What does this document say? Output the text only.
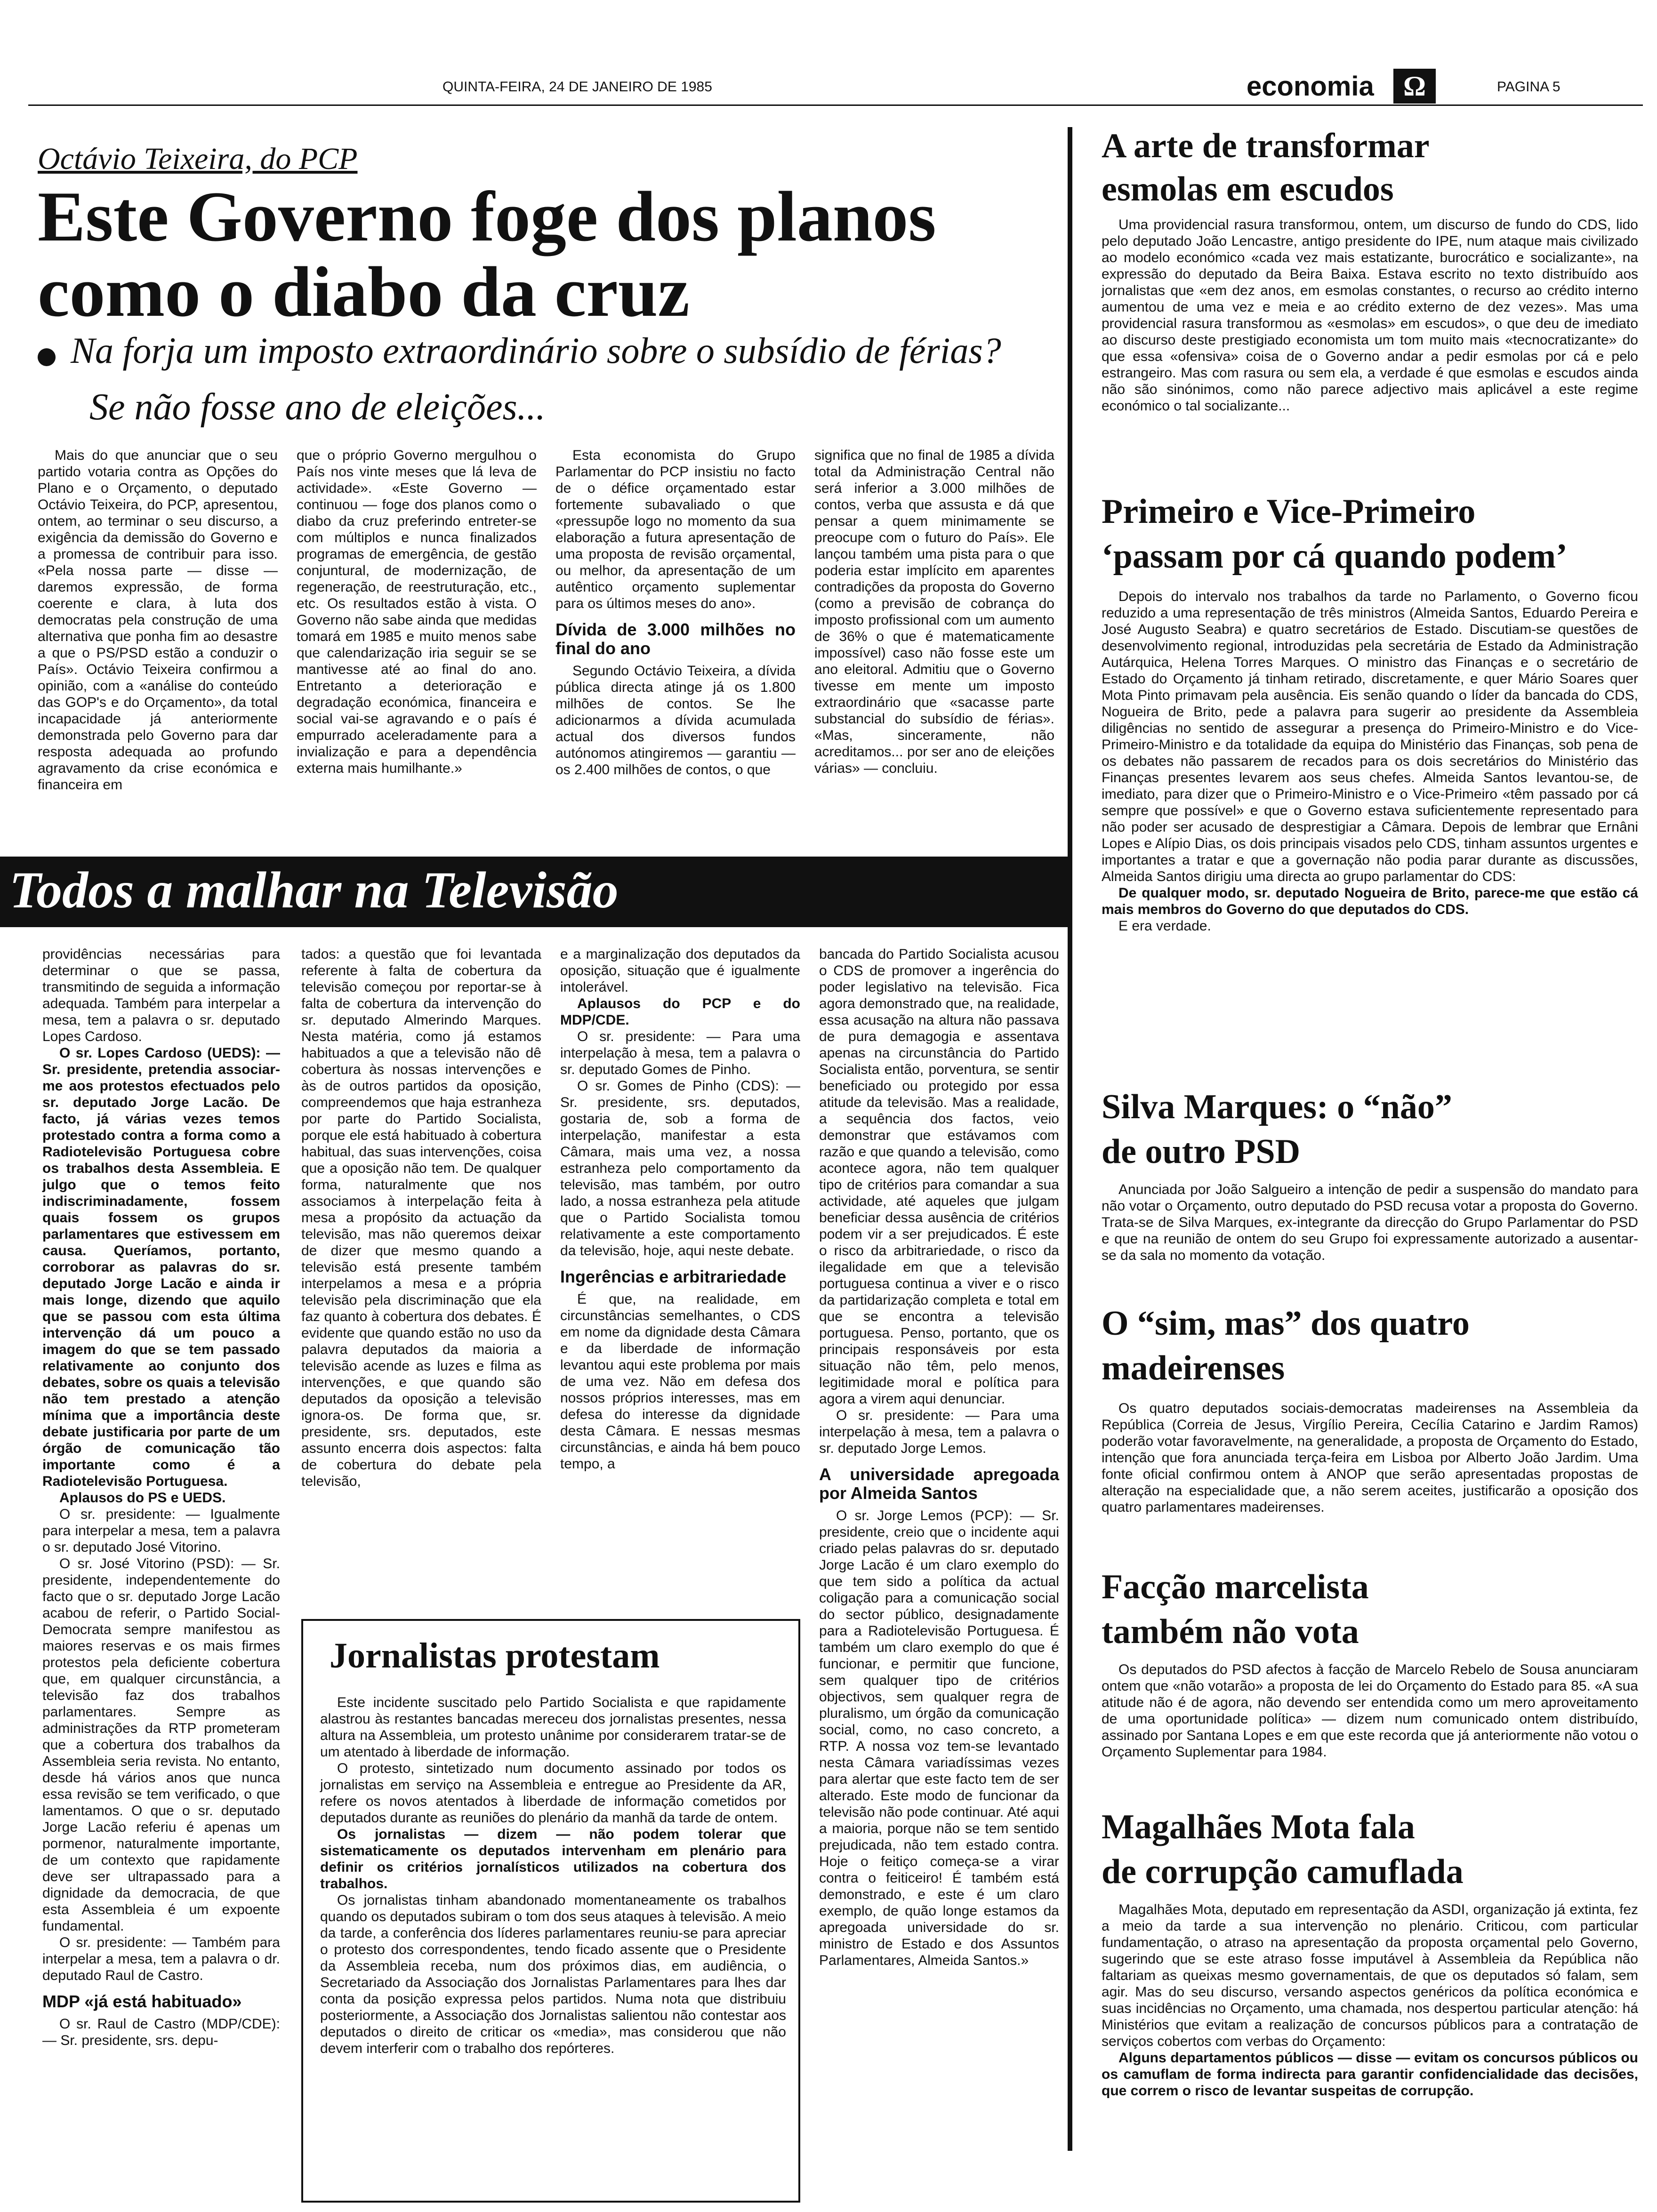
QUINTA-FEIRA, 24 DE JANEIRO DE 1985	economia	Ω	PAGINA 5
Octávio Teixeira, do PCP
Este Governo foge dos planos
como o diabo da cruz
Na forja um imposto extraordinário sobre o subsídio de férias?
Se não fosse ano de eleições...

Mais do que anunciar que o seu partido votaria contra as Opções do Plano e o Orçamento, o deputado Octávio Teixeira, do PCP, apresentou, ontem, ao terminar o seu discurso, a exigência da demissão do Governo e a promessa de contribuir para isso. «Pela nossa parte — disse — daremos expressão, de forma coerente e clara, à luta dos democratas pela construção de uma alternativa que ponha fim ao desastre a que o PS/PSD estão a conduzir o País». Octávio Teixeira confirmou a opinião, com a «análise do conteúdo das GOP's e do Orçamento», da total incapacidade já anteriormente demonstrada pelo Governo para dar resposta adequada ao profundo agravamento da crise económica e financeira em

que o próprio Governo mergulhou o País nos vinte meses que lá leva de actividade». «Este Governo — continuou — foge dos planos como o diabo da cruz preferindo entreter-se com múltiplos e nunca finalizados programas de emergência, de gestão conjuntural, de modernização, de regeneração, de reestruturação, etc., etc. Os resultados estão à vista. O Governo não sabe ainda que medidas tomará em 1985 e muito menos sabe que calendarização iria seguir se se mantivesse até ao final do ano. Entretanto a deterioração e degradação económica, financeira e social vai-se agravando e o país é empurrado aceleradamente para a invialização e para a dependência externa mais humilhante.»

Esta economista do Grupo Parlamentar do PCP insistiu no facto de o défice orçamentado estar fortemente subavaliado o que «pressupõe logo no momento da sua elaboração a futura apresentação de uma proposta de revisão orçamental, ou melhor, da apresentação de um autêntico orçamento suplementar para os últimos meses do ano».

Dívida de 3.000 milhões no final do ano

Segundo Octávio Teixeira, a dívida pública directa atinge já os 1.800 milhões de contos. Se lhe adicionarmos a dívida acumulada actual dos diversos fundos autónomos atingiremos — garantiu — os 2.400 milhões de contos, o que

significa que no final de 1985 a dívida total da Administração Central não será inferior a 3.000 milhões de contos, verba que assusta e dá que pensar a quem minimamente se preocupe com o futuro do País». Ele lançou também uma pista para o que poderia estar implícito em aparentes contradições da proposta do Governo (como a previsão de cobrança do imposto profissional com um aumento de 36% o que é matematicamente impossível) caso não fosse este um ano eleitoral. Admitiu que o Governo tivesse em mente um imposto extraordinário que «sacasse parte substancial do subsídio de férias». «Mas, sinceramente, não acreditamos... por ser ano de eleições várias» — concluiu.

Todos a malhar na Televisão

providências necessárias para determinar o que se passa, transmitindo de seguida a informação adequada. Também para interpelar a mesa, tem a palavra o sr. deputado Lopes Cardoso.

O sr. Lopes Cardoso (UEDS): — Sr. presidente, pretendia associar-me aos protestos efectuados pelo sr. deputado Jorge Lacão. De facto, já várias vezes temos protestado contra a forma como a Radiotelevisão Portuguesa cobre os trabalhos desta Assembleia. E julgo que o temos feito indiscriminadamente, fossem quais fossem os grupos parlamentares que estivessem em causa. Queríamos, portanto, corroborar as palavras do sr. deputado Jorge Lacão e ainda ir mais longe, dizendo que aquilo que se passou com esta última intervenção dá um pouco a imagem do que se tem passado relativamente ao conjunto dos debates, sobre os quais a televisão não tem prestado a atenção mínima que a importância deste debate justificaria por parte de um órgão de comunicação tão importante como é a Radiotelevisão Portuguesa.

Aplausos do PS e UEDS.

O sr. presidente: — Igualmente para interpelar a mesa, tem a palavra o sr. deputado José Vitorino.

O sr. José Vitorino (PSD): — Sr. presidente, independentemente do facto que o sr. deputado Jorge Lacão acabou de referir, o Partido Social-Democrata sempre manifestou as maiores reservas e os mais firmes protestos pela deficiente cobertura que, em qualquer circunstância, a televisão faz dos trabalhos parlamentares. Sempre as administrações da RTP prometeram que a cobertura dos trabalhos da Assembleia seria revista. No entanto, desde há vários anos que nunca essa revisão se tem verificado, o que lamentamos. O que o sr. deputado Jorge Lacão referiu é apenas um pormenor, naturalmente importante, de um contexto que rapidamente deve ser ultrapassado para a dignidade da democracia, de que esta Assembleia é um expoente fundamental.

O sr. presidente: — Também para interpelar a mesa, tem a palavra o dr. deputado Raul de Castro.

MDP «já está habituado»

O sr. Raul de Castro (MDP/CDE): — Sr. presidente, srs. depu-

tados: a questão que foi levantada referente à falta de cobertura da televisão começou por reportar-se à falta de cobertura da intervenção do sr. deputado Almerindo Marques. Nesta matéria, como já estamos habituados a que a televisão não dê cobertura às nossas intervenções e às de outros partidos da oposição, compreendemos que haja estranheza por parte do Partido Socialista, porque ele está habituado à cobertura habitual, das suas intervenções, coisa que a oposição não tem. De qualquer forma, naturalmente que nos associamos à interpelação feita à mesa a propósito da actuação da televisão, mas não queremos deixar de dizer que mesmo quando a televisão está presente também interpelamos a mesa e a própria televisão pela discriminação que ela faz quanto à cobertura dos debates. É evidente que quando estão no uso da palavra deputados da maioria a televisão acende as luzes e filma as intervenções, e que quando são deputados da oposição a televisão ignora-os. De forma que, sr. presidente, srs. deputados, este assunto encerra dois aspectos: falta de cobertura do debate pela televisão,

e a marginalização dos deputados da oposição, situação que é igualmente intolerável.

Aplausos do PCP e do MDP/CDE.

O sr. presidente: — Para uma interpelação à mesa, tem a palavra o sr. deputado Gomes de Pinho.

O sr. Gomes de Pinho (CDS): — Sr. presidente, srs. deputados, gostaria de, sob a forma de interpelação, manifestar a esta Câmara, mais uma vez, a nossa estranheza pelo comportamento da televisão, mas também, por outro lado, a nossa estranheza pela atitude que o Partido Socialista tomou relativamente a este comportamento da televisão, hoje, aqui neste debate.

Ingerências e arbitrariedade

É que, na realidade, em circunstâncias semelhantes, o CDS em nome da dignidade desta Câmara e da liberdade de informação levantou aqui este problema por mais de uma vez. Não em defesa dos nossos próprios interesses, mas em defesa do interesse da dignidade desta Câmara. E nessas mesmas circunstâncias, e ainda há bem pouco tempo, a

bancada do Partido Socialista acusou o CDS de promover a ingerência do poder legislativo na televisão. Fica agora demonstrado que, na realidade, essa acusação na altura não passava de pura demagogia e assentava apenas na circunstância do Partido Socialista então, porventura, se sentir beneficiado ou protegido por essa atitude da televisão. Mas a realidade, a sequência dos factos, veio demonstrar que estávamos com razão e que quando a televisão, como acontece agora, não tem qualquer tipo de critérios para comandar a sua actividade, até aqueles que julgam beneficiar dessa ausência de critérios podem vir a ser prejudicados. É este o risco da arbitrariedade, o risco da ilegalidade em que a televisão portuguesa continua a viver e o risco da partidarização completa e total em que se encontra a televisão portuguesa. Penso, portanto, que os principais responsáveis por esta situação não têm, pelo menos, legitimidade moral e política para agora a virem aqui denunciar.

O sr. presidente: — Para uma interpelação à mesa, tem a palavra o sr. deputado Jorge Lemos.

A universidade apregoada por Almeida Santos

O sr. Jorge Lemos (PCP): — Sr. presidente, creio que o incidente aqui criado pelas palavras do sr. deputado Jorge Lacão é um claro exemplo do que tem sido a política da actual coligação para a comunicação social do sector público, designadamente para a Radiotelevisão Portuguesa. É também um claro exemplo do que é funcionar, e permitir que funcione, sem qualquer tipo de critérios objectivos, sem qualquer regra de pluralismo, um órgão da comunicação social, como, no caso concreto, a RTP. A nossa voz tem-se levantado nesta Câmara variadíssimas vezes para alertar que este facto tem de ser alterado. Este modo de funcionar da televisão não pode continuar. Até aqui a maioria, porque não se tem sentido prejudicada, não tem estado contra. Hoje o feitiço começa-se a virar contra o feiticeiro! É também está demonstrado, e este é um claro exemplo, de quão longe estamos da apregoada universidade do sr. ministro de Estado e dos Assuntos Parlamentares, Almeida Santos.»

Jornalistas protestam

Este incidente suscitado pelo Partido Socialista e que rapidamente alastrou às restantes bancadas mereceu dos jornalistas presentes, nessa altura na Assembleia, um protesto unânime por considerarem tratar-se de um atentado à liberdade de informação.

O protesto, sintetizado num documento assinado por todos os jornalistas em serviço na Assembleia e entregue ao Presidente da AR, refere os novos atentados à liberdade de informação cometidos por deputados durante as reuniões do plenário da manhã da tarde de ontem.

Os jornalistas — dizem — não podem tolerar que sistematicamente os deputados intervenham em plenário para definir os critérios jornalísticos utilizados na cobertura dos trabalhos.

Os jornalistas tinham abandonado momentaneamente os trabalhos quando os deputados subiram o tom dos seus ataques à televisão. A meio da tarde, a conferência dos líderes parlamentares reuniu-se para apreciar o protesto dos correspondentes, tendo ficado assente que o Presidente da Assembleia receba, num dos próximos dias, em audiência, o Secretariado da Associação dos Jornalistas Parlamentares para lhes dar conta da posição expressa pelos partidos. Numa nota que distribuiu posteriormente, a Associação dos Jornalistas salientou não contestar aos deputados o direito de criticar os «media», mas considerou que não devem interferir com o trabalho dos repórteres.

A arte de transformar
esmolas em escudos

Uma providencial rasura transformou, ontem, um discurso de fundo do CDS, lido pelo deputado João Lencastre, antigo presidente do IPE, num ataque mais civilizado ao modelo económico «cada vez mais estatizante, burocrático e socializante», na expressão do deputado da Beira Baixa. Estava escrito no texto distribuído aos jornalistas que «em dez anos, em esmolas constantes, o recurso ao crédito interno aumentou de uma vez e meia e ao crédito externo de dez vezes». Mas uma providencial rasura transformou as «esmolas» em escudos», o que deu de imediato ao discurso deste prestigiado economista um tom muito mais «tecnocratizante» do que essa «ofensiva» coisa de o Governo andar a pedir esmolas por cá e pelo estrangeiro. Mas com rasura ou sem ela, a verdade é que esmolas e escudos ainda não são sinónimos, como não parece adjectivo mais aplicável a este regime económico o tal socializante...

Primeiro e Vice-Primeiro
‘passam por cá quando podem’

Depois do intervalo nos trabalhos da tarde no Parlamento, o Governo ficou reduzido a uma representação de três ministros (Almeida Santos, Eduardo Pereira e José Augusto Seabra) e quatro secretários de Estado. Discutiam-se questões de desenvolvimento regional, introduzidas pela secretária de Estado da Administração Autárquica, Helena Torres Marques. O ministro das Finanças e o secretário de Estado do Orçamento já tinham retirado, discretamente, e quer Mário Soares quer Mota Pinto primavam pela ausência. Eis senão quando o líder da bancada do CDS, Nogueira de Brito, pede a palavra para sugerir ao presidente da Assembleia diligências no sentido de assegurar a presença do Primeiro-Ministro e do Vice-Primeiro-Ministro e da totalidade da equipa do Ministério das Finanças, sob pena de os debates não passarem de recados para os dois secretários do Ministério das Finanças presentes levarem aos seus chefes. Almeida Santos levantou-se, de imediato, para dizer que o Primeiro-Ministro e o Vice-Primeiro «têm passado por cá sempre que possível» e que o Governo estava suficientemente representado para não poder ser acusado de desprestigiar a Câmara. Depois de lembrar que Ernâni Lopes e Alípio Dias, os dois principais visados pelo CDS, tinham assuntos urgentes e importantes a tratar e que a governação não podia parar durante as discussões, Almeida Santos dirigiu uma directa ao grupo parlamentar do CDS:

De qualquer modo, sr. deputado Nogueira de Brito, parece-me que estão cá mais membros do Governo do que deputados do CDS.

E era verdade.

Silva Marques: o “não”
de outro PSD

Anunciada por João Salgueiro a intenção de pedir a suspensão do mandato para não votar o Orçamento, outro deputado do PSD recusa votar a proposta do Governo. Trata-se de Silva Marques, ex-integrante da direcção do Grupo Parlamentar do PSD e que na reunião de ontem do seu Grupo foi expressamente autorizado a ausentar-se da sala no momento da votação.

O “sim, mas” dos quatro
madeirenses

Os quatro deputados sociais-democratas madeirenses na Assembleia da República (Correia de Jesus, Virgílio Pereira, Cecília Catarino e Jardim Ramos) poderão votar favoravelmente, na generalidade, a proposta de Orçamento do Estado, intenção que fora anunciada terça-feira em Lisboa por Alberto João Jardim. Uma fonte oficial confirmou ontem à ANOP que serão apresentadas propostas de alteração na especialidade que, a não serem aceites, justificarão a oposição dos quatro parlamentares madeirenses.

Facção marcelista
também não vota

Os deputados do PSD afectos à facção de Marcelo Rebelo de Sousa anunciaram ontem que «não votarão» a proposta de lei do Orçamento do Estado para 85. «A sua atitude não é de agora, não devendo ser entendida como um mero aproveitamento de uma oportunidade política» — dizem num comunicado ontem distribuído, assinado por Santana Lopes e em que este recorda que já anteriormente não votou o Orçamento Suplementar para 1984.

Magalhães Mota fala
de corrupção camuflada

Magalhães Mota, deputado em representação da ASDI, organização já extinta, fez a meio da tarde a sua intervenção no plenário. Criticou, com particular fundamentação, o atraso na apresentação da proposta orçamental pelo Governo, sugerindo que se este atraso fosse imputável à Assembleia da República não faltariam as queixas mesmo governamentais, de que os deputados só falam, sem agir. Mas do seu discurso, versando aspectos genéricos da política económica e suas incidências no Orçamento, uma chamada, nos despertou particular atenção: há Ministérios que evitam a realização de concursos públicos para a contratação de serviços cobertos com verbas do Orçamento:

Alguns departamentos públicos — disse — evitam os concursos públicos ou os camuflam de forma indirecta para garantir confidencialidade das decisões, que correm o risco de levantar suspeitas de corrupção.
